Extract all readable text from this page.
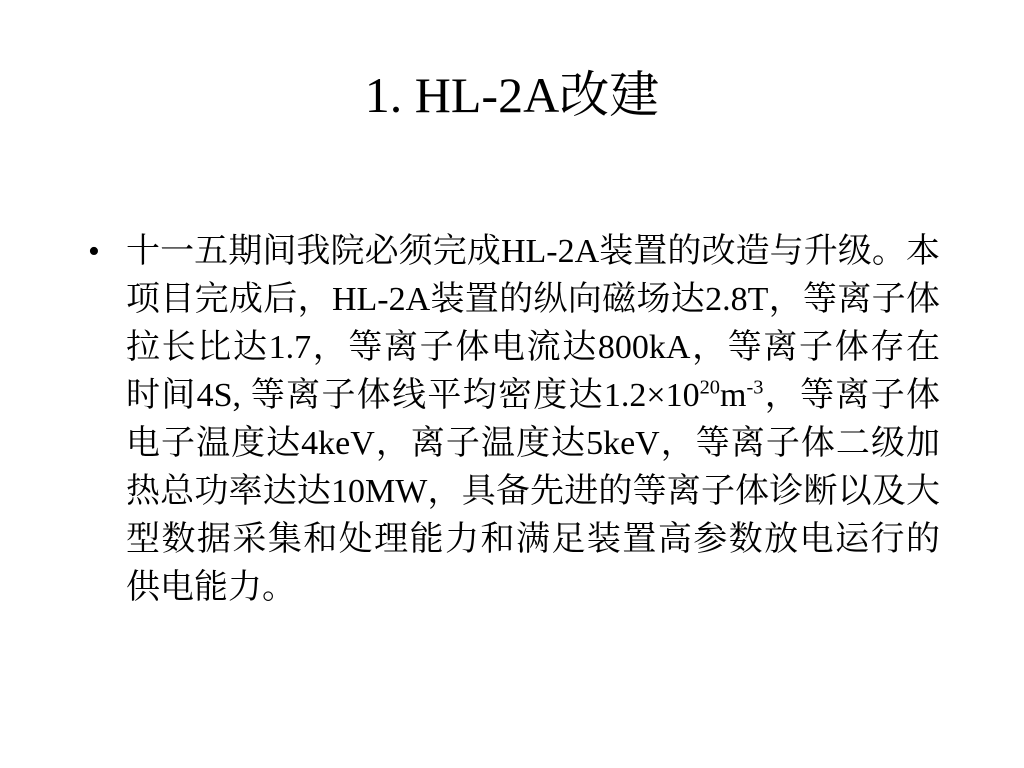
1. HL-2A改建
• 十一五期间我院必须完成HL-2A装置的改造与升级。本项目完成后，HL-2A装置的纵向磁场达2.8T，等离子体拉长比达1.7，等离子体电流达800kA，等离子体存在时间4S, 等离子体线平均密度达$1.2\times 10^{20}m^{-3}$，等离子体电子温度达4keV，离子温度达5keV，等离子体二级加热总功率达达10MW，具备先进的等离子体诊断以及大型数据采集和处理能力和满足装置高参数放电运行的供电能力。
